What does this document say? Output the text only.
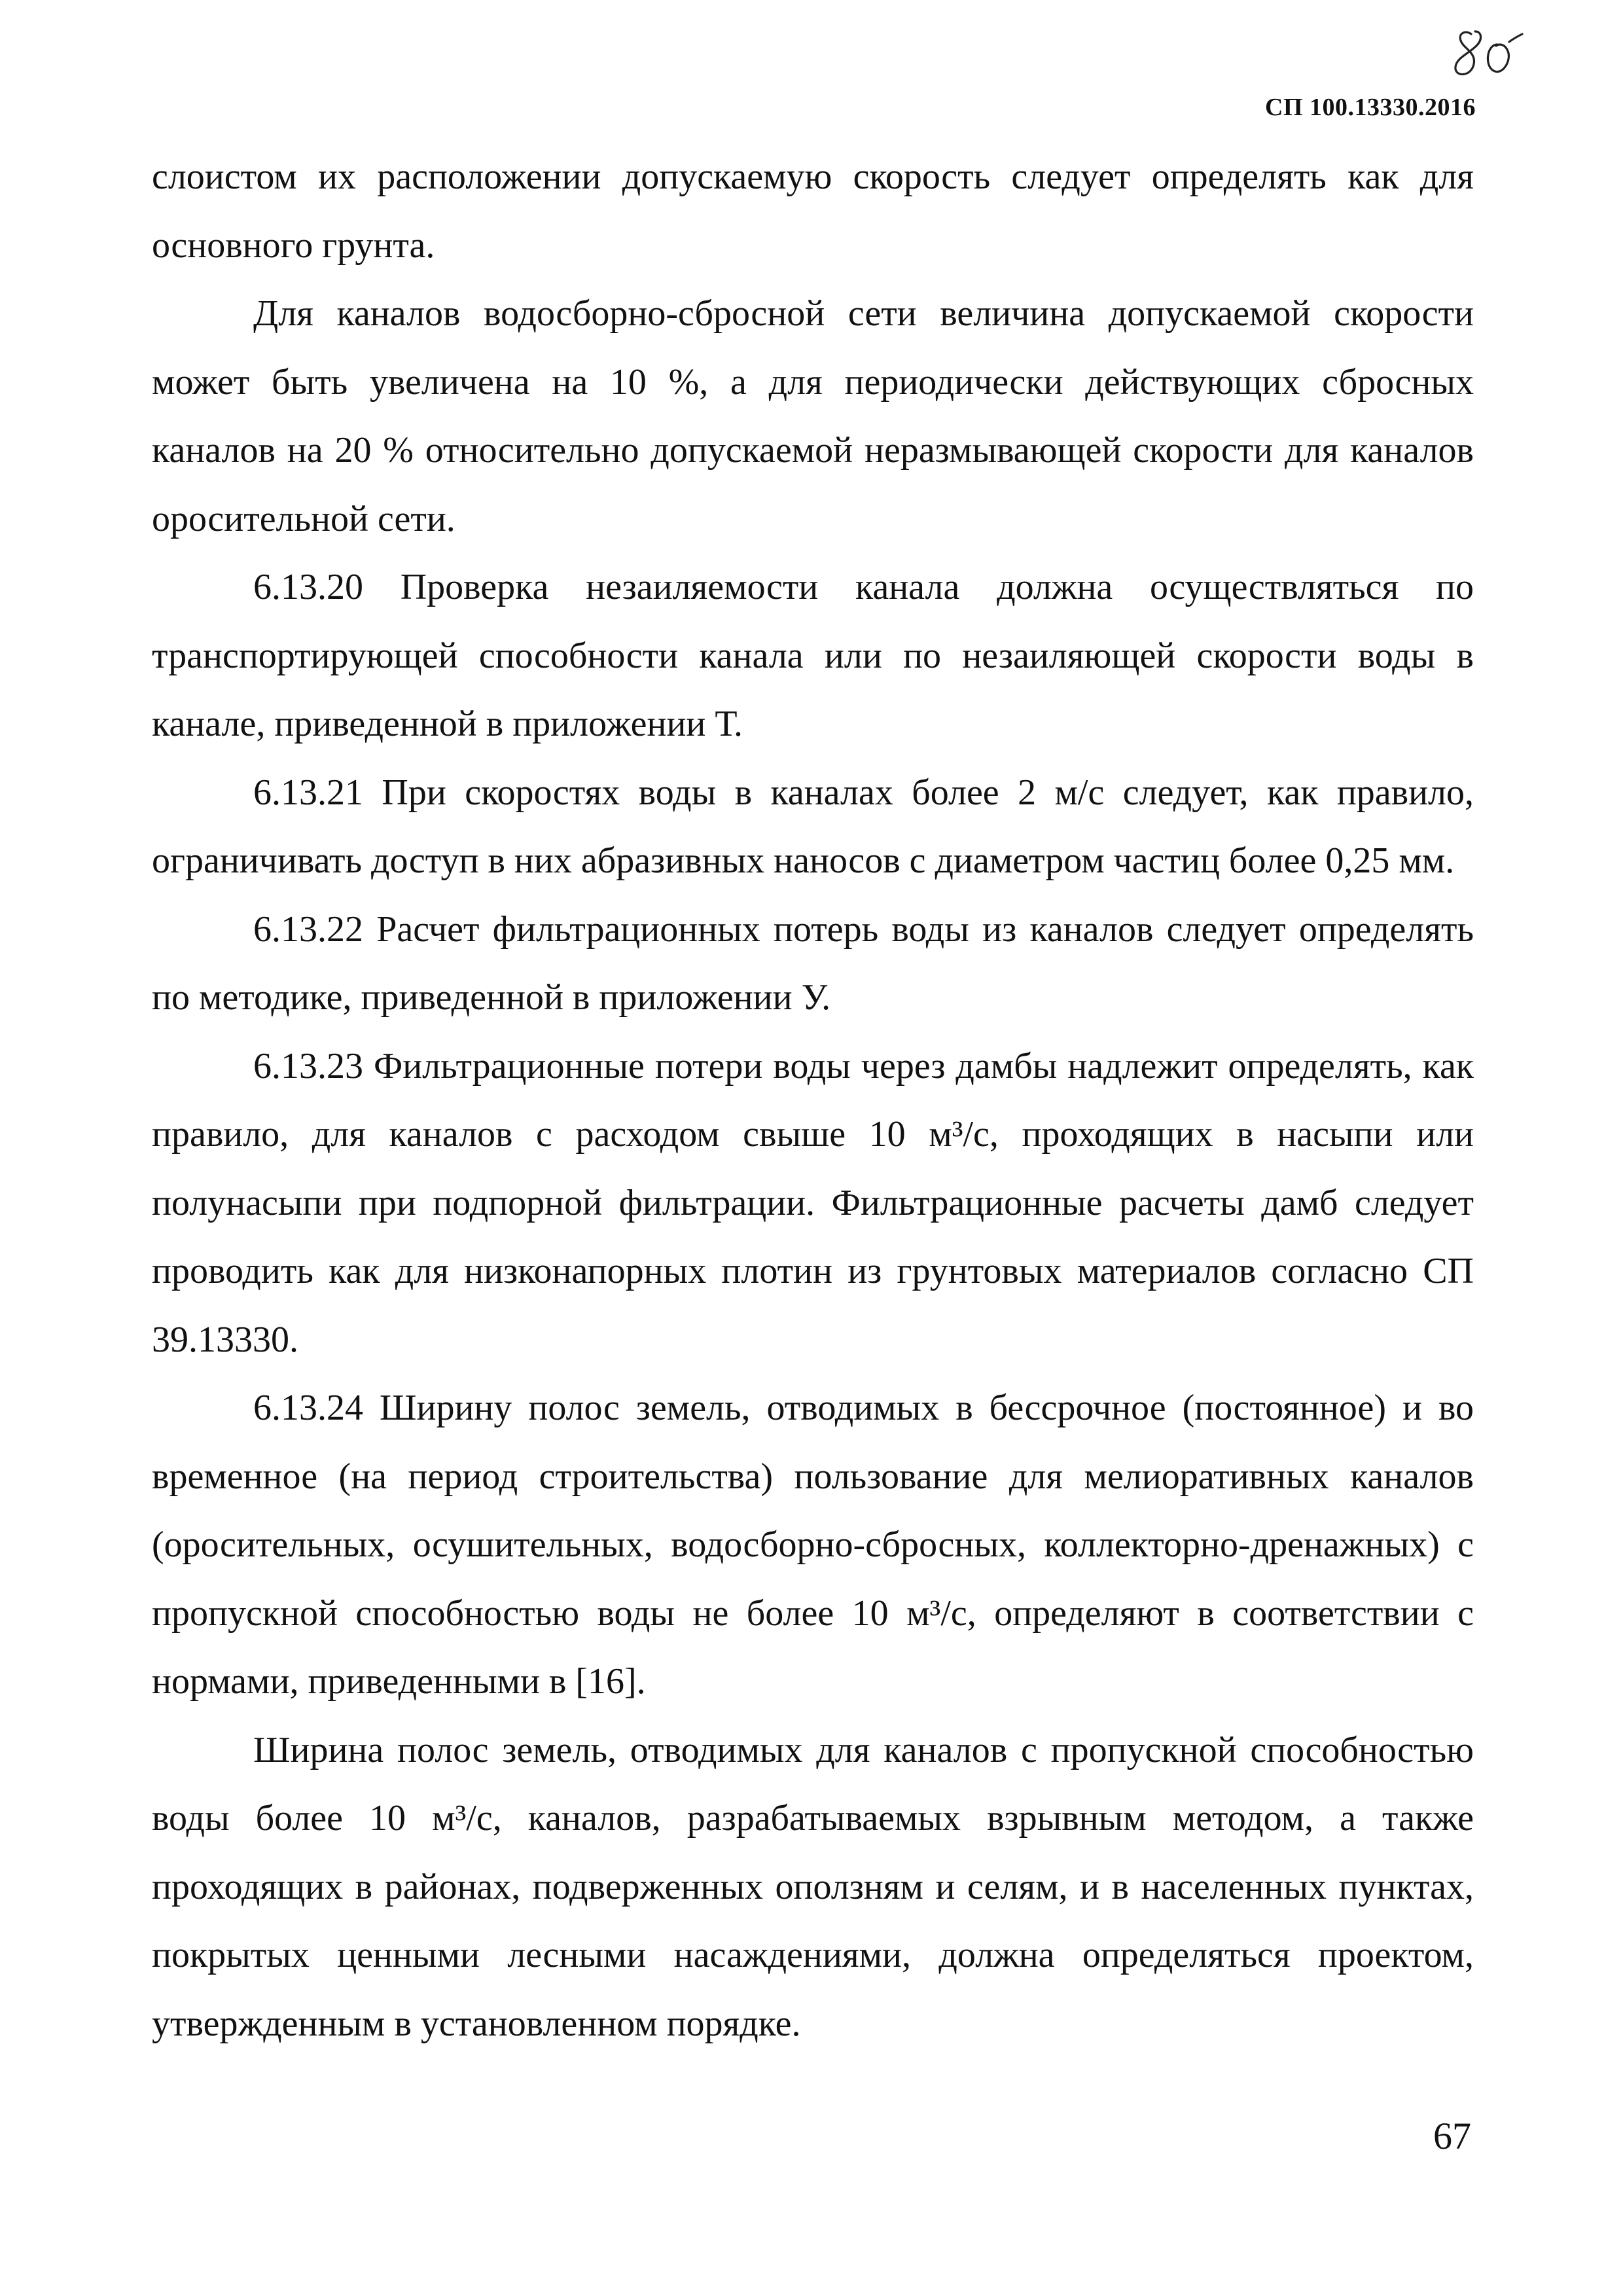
СП 100.13330.2016

слоистом их расположении допускаемую скорость следует определять как для основного грунта.

Для каналов водосборно-сбросной сети величина допускаемой скорости может быть увеличена на 10 %, а для периодически действующих сбросных каналов на 20 % относительно допускаемой неразмывающей скорости для каналов оросительной сети.

6.13.20 Проверка незаиляемости канала должна осуществляться по транспортирующей способности канала или по незаиляющей скорости воды в канале, приведенной в приложении Т.

6.13.21 При скоростях воды в каналах более 2 м/с следует, как правило, ограничивать доступ в них абразивных наносов с диаметром частиц более 0,25 мм.

6.13.22 Расчет фильтрационных потерь воды из каналов следует определять по методике, приведенной в приложении У.

6.13.23 Фильтрационные потери воды через дамбы надлежит определять, как правило, для каналов с расходом свыше 10 м³/с, проходящих в насыпи или полунасыпи при подпорной фильтрации. Фильтрационные расчеты дамб следует проводить как для низконапорных плотин из грунтовых материалов согласно СП 39.13330.

6.13.24 Ширину полос земель, отводимых в бессрочное (постоянное) и во временное (на период строительства) пользование для мелиоративных каналов (оросительных, осушительных, водосборно-сбросных, коллекторно-дренажных) с пропускной способностью воды не более 10 м³/с, определяют в соответствии с нормами, приведенными в [16].

Ширина полос земель, отводимых для каналов с пропускной способностью воды более 10 м³/с, каналов, разрабатываемых взрывным методом, а также проходящих в районах, подверженных оползням и селям, и в населенных пунктах, покрытых ценными лесными насаждениями, должна определяться проектом, утвержденным в установленном порядке.

67
